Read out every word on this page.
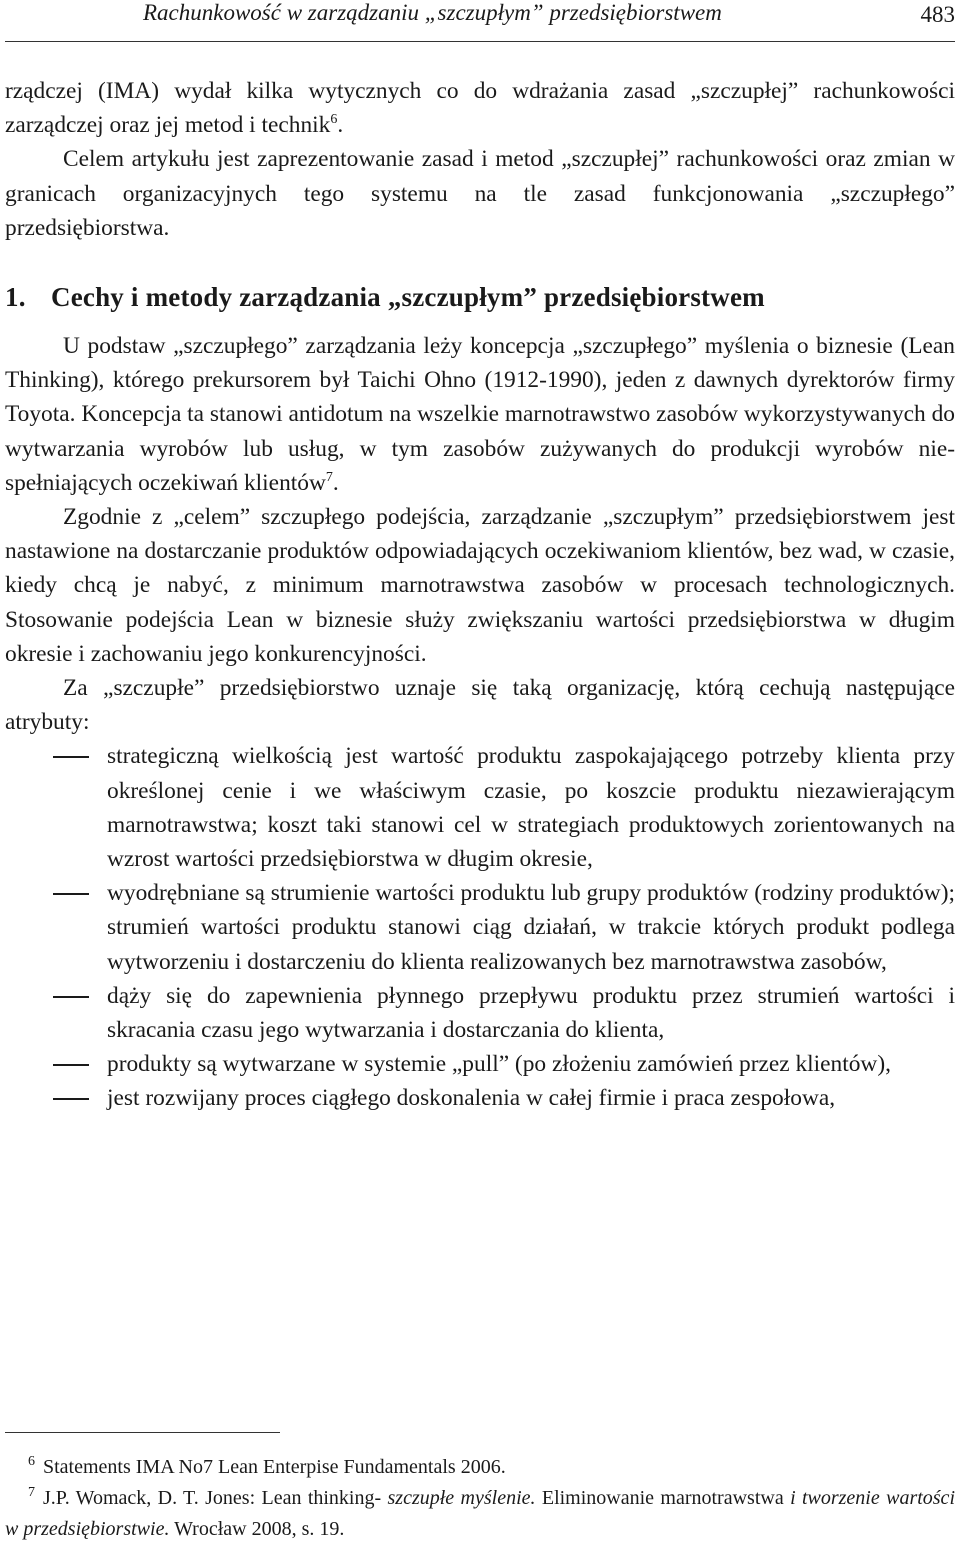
Rachunkowość w zarządzaniu „szczupłym” przedsiębiorstwem	483

rządczej (IMA) wydał kilka wytycznych co do wdrażania zasad „szczupłej” rachunkowości zarządczej oraz jej metod i technik$^6$.

Celem artykułu jest zaprezentowanie zasad i metod „szczupłej” rachunkowości oraz zmian w granicach organizacyjnych tego systemu na tle zasad funkcjonowania „szczupłego” przedsiębiorstwa.

1. Cechy i metody zarządzania „szczupłym” przedsiębiorstwem

U podstaw „szczupłego” zarządzania leży koncepcja „szczupłego” myślenia o biznesie (Lean Thinking), którego prekursorem był Taichi Ohno (1912-1990), jeden z dawnych dyrektorów firmy Toyota. Koncepcja ta stanowi antidotum na wszelkie marnotrawstwo zasobów wykorzystywanych do wytwarzania wyrobów lub usług, w tym zasobów zużywanych do produkcji wyrobów niespełniających oczekiwań klientów$^7$.

Zgodnie z „celem” szczupłego podejścia, zarządzanie „szczupłym” przedsiębiorstwem jest nastawione na dostarczanie produktów odpowiadających oczekiwaniom klientów, bez wad, w czasie, kiedy chcą je nabyć, z minimum marnotrawstwa zasobów w procesach technologicznych. Stosowanie podejścia Lean w biznesie służy zwiększaniu wartości przedsiębiorstwa w długim okresie i zachowaniu jego konkurencyjności.

Za „szczupłe” przedsiębiorstwo uznaje się taką organizację, którą cechują następujące atrybuty:

strategiczną wielkością jest wartość produktu zaspokajającego potrzeby klienta przy określonej cenie i we właściwym czasie, po koszcie produktu niezawierającym marnotrawstwa; koszt taki stanowi cel w strategiach produktowych zorientowanych na wzrost wartości przedsiębiorstwa w długim okresie,
wyodrębniane są strumienie wartości produktu lub grupy produktów (rodziny produktów); strumień wartości produktu stanowi ciąg działań, w trakcie których produkt podlega wytworzeniu i dostarczeniu do klienta realizowanych bez marnotrawstwa zasobów,
dąży się do zapewnienia płynnego przepływu produktu przez strumień wartości i skracania czasu jego wytwarzania i dostarczania do klienta,
produkty są wytwarzane w systemie „pull” (po złożeniu zamówień przez klientów),
jest rozwijany proces ciągłego doskonalenia w całej firmie i praca zespołowa,
$^6$ Statements IMA No7 Lean Enterpise Fundamentals 2006.
$^7$ J.P. Womack, D. T. Jones: Lean thinking- szczupłe myślenie. Eliminowanie marnotrawstwa i tworzenie wartości w przedsiębiorstwie. Wrocław 2008, s. 19.
